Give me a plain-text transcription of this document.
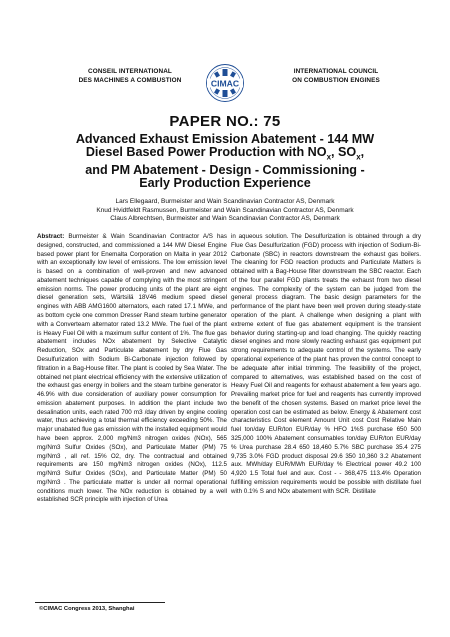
CONSEIL INTERNATIONAL
DES MACHINES A COMBUSTION	CIMAC
INTERNATIONAL COUNCIL
ON COMBUSTION ENGINES
PAPER NO.: 75
Advanced Exhaust Emission Abatement - 144 MW
Diesel Based Power Production with $NO_x$, $SO_x$,
and PM Abatement - Design - Commissioning -
Early Production Experience
Lars Ellegaard, Burmeister and Wain Scandinavian Contractor AS, Denmark
Knud Hvidtfeldt Rasmussen, Burmeister and Wain Scandinavian Contractor AS, Denmark
Claus Albrechtsen, Burmeister and Wain Scandinavian Contractor AS, Denmark

Abstract: Burmeister & Wain Scandinavian Contractor A/S has designed, constructed, and commissioned a 144 MW Diesel Engine based power plant for Enemalta Corporation on Malta in year 2012 with an exceptionally low level of emissions. The low emission level is based on a combination of well-proven and new advanced abatement techniques capable of complying with the most stringent emission norms. The power producing units of the plant are eight diesel generation sets, Wärtsilä 18V46 medium speed diesel engines with ABB AMG1600 alternators, each rated 17.1 MWe, and as bottom cycle one common Dresser Rand steam turbine generator with a Converteam alternator rated 13.2 MWe. The fuel of the plant is Heavy Fuel Oil with a maximum sulfur content of 1%. The flue gas abatement includes NOx abatement by Selective Catalytic Reduction, SOx and Particulate abatement by dry Flue Gas Desulfurization with Sodium Bi-Carbonate injection followed by filtration in a Bag-House filter. The plant is cooled by Sea Water. The obtained net plant electrical efficiency with the extensive utilization of the exhaust gas energy in boilers and the steam turbine generator is 46.9% with due consideration of auxiliary power consumption for emission abatement purposes. In addition the plant include two desalination units, each rated 700 m3 /day driven by engine cooling water, thus achieving a total thermal efficiency exceeding 50%. The major unabated flue gas emission with the installed equipment would have been approx. 2,000 mg/Nm3 nitrogen oxides (NOx), 565 mg/Nm3 Sulfur Oxides (SOx), and Particulate Matter (PM) 75 mg/Nm3 , all ref. 15% O2, dry. The contractual and obtained requirements are 150 mg/Nm3 nitrogen oxides (NOx), 112.5 mg/Nm3 Sulfur Oxides (SOx), and Particulate Matter (PM) 50 mg/Nm3 . The particulate matter is under all normal operational conditions much lower. The NOx reduction is obtained by a well established SCR principle with injection of Urea

in aqueous solution. The Desulfurization is obtained through a dry Flue Gas Desulfurization (FGD) process with injection of Sodium-Bi-Carbonate (SBC) in reactors downstream the exhaust gas boilers. The cleaning for FGD reaction products and Particulate Matters is obtained with a Bag-House filter downstream the SBC reactor. Each of the four parallel FGD plants treats the exhaust from two diesel engines. The complexity of the system can be judged from the general process diagram. The basic design parameters for the performance of the plant have been well proven during steady-state operation of the plant. A challenge when designing a plant with extreme extent of flue gas abatement equipment is the transient behavior during starting-up and load changing. The quickly reacting diesel engines and more slowly reacting exhaust gas equipment put strong requirements to adequate control of the systems. The early operational experience of the plant has proven the control concept to be adequate after initial trimming. The feasibility of the project, compared to alternatives, was established based on the cost of Heavy Fuel Oil and reagents for exhaust abatement a few years ago. Prevailing market price for fuel and reagents has currently improved the benefit of the chosen systems. Based on market price level the operation cost can be estimated as below. Energy & Abatement cost characteristics Cost element Amount Unit cost Cost Relative Main fuel ton/day EUR/ton EUR/day % HFO 1%S purchase 650 500 325,000 100% Abatement consumables ton/day EUR/ton EUR/day % Urea purchase 28.4 650 18,460 5.7% SBC purchase 35.4 275 9,735 3.0% FGD product disposal 29.6 350 10,360 3.2 Abatement aux. MWh/day EUR/MWh EUR/day % Electrical power 49.2 100 4,920 1.5 Total fuel and aux. Cost - - 368,475 113.4% Operation fulfilling emission requirements would be possible with distillate fuel with 0.1% S and NOx abatement with SCR. Distillate

©CIMAC Congress 2013, Shanghai
